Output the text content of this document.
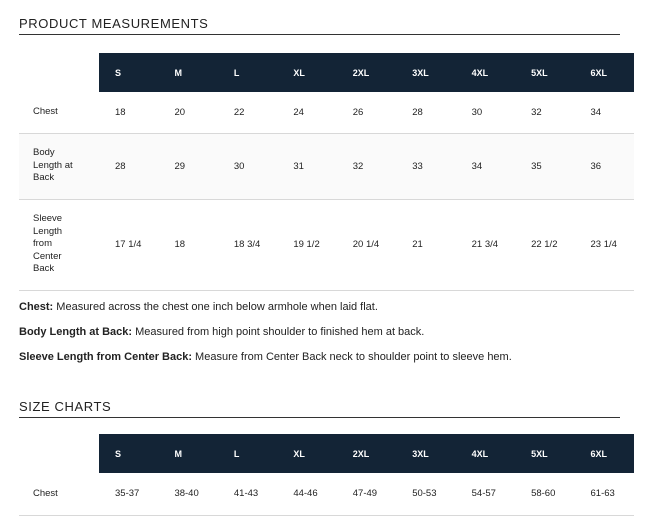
PRODUCT MEASUREMENTS
	S	M	L	XL	2XL	3XL	4XL	5XL	6XL
Chest	18	20	22	24	26	28	30	32	34
Body
Length at
Back	28	29	30	31	32	33	34	35	36
Sleeve
Length
from
Center
Back	17 1/4	18	18 3/4	19 1/2	20 1/4	21	21 3/4	22 1/2	23 1/4

Chest: Measured across the chest one inch below armhole when laid flat.

Body Length at Back: Measured from high point shoulder to finished hem at back.

Sleeve Length from Center Back: Measure from Center Back neck to shoulder point to sleeve hem.

SIZE CHARTS
	S	M	L	XL	2XL	3XL	4XL	5XL	6XL
Chest	35-37	38-40	41-43	44-46	47-49	50-53	54-57	58-60	61-63
